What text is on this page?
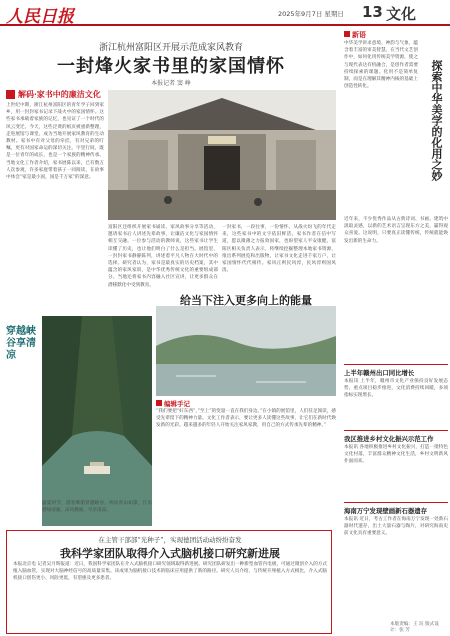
人民日报	2025年9月7日 星期日 13 文化
浙江杭州富阳区开展示范成家风教育
一封烽火家书里的家国情怀
本报记者 窦 峥
解码·家书中的廉洁文化
上世纪中期，浙江杭州富阳区的青年学子回到家乡，用一封封家书记录下战火中的家国情怀。这些家书承载着家族的记忆，也见证了一个时代的风云变迁。今天，这些泛黄的纸页被重新整理，走进展馆与课堂，成为当地开展家风教育的生动教材。家书中有对父母的牵挂，有对兄弟的叮嘱，更有对国家命运的深切关注。字里行间，既是一位青年的成长，也是一个家族的精神传承。当地文化工作者介绍，家书展陈以来，已有数万人次参观，许多家庭带着孩子一同阅读，在故事中体会“家是最小国，国是千万家”的深意。
富阳区还组织开展家书诵读、家风故事分享等活动，邀请家书后人讲述先辈故事，让廉洁文化与家国情怀相互交融。一位参与活动的教师说，这些家书让学生读懂了历史，也让他们明白了什么是担当。展馆里，一封封家书静静陈列，讲述着平凡人物在大时代中的选择。研究者认为，家书是最真实的历史档案，其中蕴含的家风家训，是中华优秀传统文化的重要组成部分。当地还将家书内容融入社区宣讲，让更多群众在潜移默化中受到教育。
一封家书，一段往事，一份情怀。从战火纷飞的年代走来，这些家书中的文字依旧鲜活。家书作者在信中写道，愿以微薄之力报效国家，也盼望家人平安康健。富阳区相关负责人表示，将继续挖掘整理本地家书资源，推出系列展览和出版物，让家书文化走进千家万户，让家国情怀代代相传。家风正则民风淳，民风淳则国风清。
编辑手记
给当下注入更多向上的能量
“我们要把”好东西”，”至上”的变量一直在我们身边。”在小镇的展馆里，人们驻足阅读，感受先辈留下的精神力量。文化工作者表示，要让更多人读懂这些故事，让它们在新时代焕发新的光彩。越来越多的年轻人开始关注家风家教，用自己的方式传承先辈的精神。”
穿越峡谷享清凉
盛夏时节，游客乘船穿越峡谷，两岸青山如黛，江水碧绿清澈，凉风拂面，尽享清凉。
在主管干部部“光种子”，实现德团活动动纷纷奋发
我科学家团队取得介入式脑机接口研究新进展
本报北京电 记者吴月辉报道：近日，我国科学家团队在介入式脑机接口研究领域取得新进展。研究团队研发出一种新型血管内电极，可通过微创介入的方式植入脑血管，实现对大脑神经信号的高质量采集。该成果为脑机接口技术的临床应用提供了新的路径。研究人员介绍，与传统开颅植入方式相比，介入式脑机接口创伤更小、风险更低，有望惠及更多患者。
新语
中华美学讲求意境、神韵与气象，蕴含着丰富的审美智慧。在当代文艺创作中，如何化用传统美学资源，使之与现代表达有机融合，是创作者需要持续探索的课题。化用不是简单复制，而是在理解其精神内核的基础上创造性转化。	探索中华美学的化用之妙
近年来，不少优秀作品从古典诗词、书画、建筑中汲取灵感，以新的艺术语言呈现东方之美，赢得观众喜爱。这说明，只要真正读懂传统，传统就能焕发出新的生命力。
上半年赣州出口同比增长
本报讯 上半年，赣州市文化产业保持良好发展态势，重点项目稳步推进，文化消费持续回暖，多项指标实现增长。
我区推进乡村文化振兴示范工作
本报讯 各地积极推进乡村文化振兴，打造一批特色文化村落，丰富群众精神文化生活，乡村文明新风扑面而来。
海南万宁发现壁画新石器遗存
本报讯 近日，考古工作者在海南万宁发现一处新石器时代遗存，出土大量石器与陶片，对研究海南史前文化具有重要意义。
本版责编：王 珏 版式设计：张 芳
